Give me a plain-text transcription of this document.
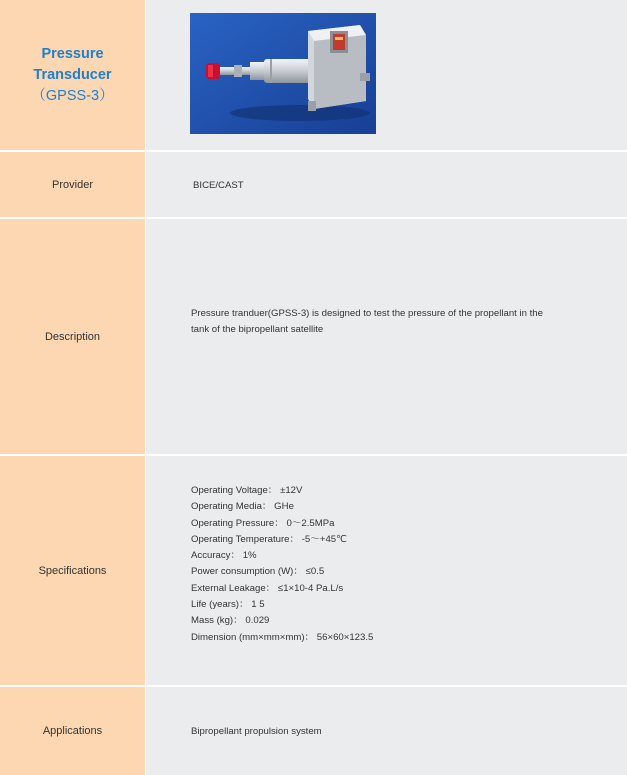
Pressure
Transducer
（GPSS-3）
Provider	BICE/CAST
Description
Pressure tranduer(GPSS-3) is designed to test the pressure of the propellant in the
tank of the bipropellant satellite
Specifications
Operating Voltage： ±12V
Operating Media： GHe
Operating Pressure： 0～2.5MPa
Operating Temperature： -5～+45℃
Accuracy： 1%
Power consumption (W)： ≤0.5
External Leakage： ≤1×10-4 Pa.L/s
Life (years)： 1 5
Mass (kg)： 0.029
Dimension (mm×mm×mm)： 56×60×123.5
Applications	Bipropellant propulsion system
